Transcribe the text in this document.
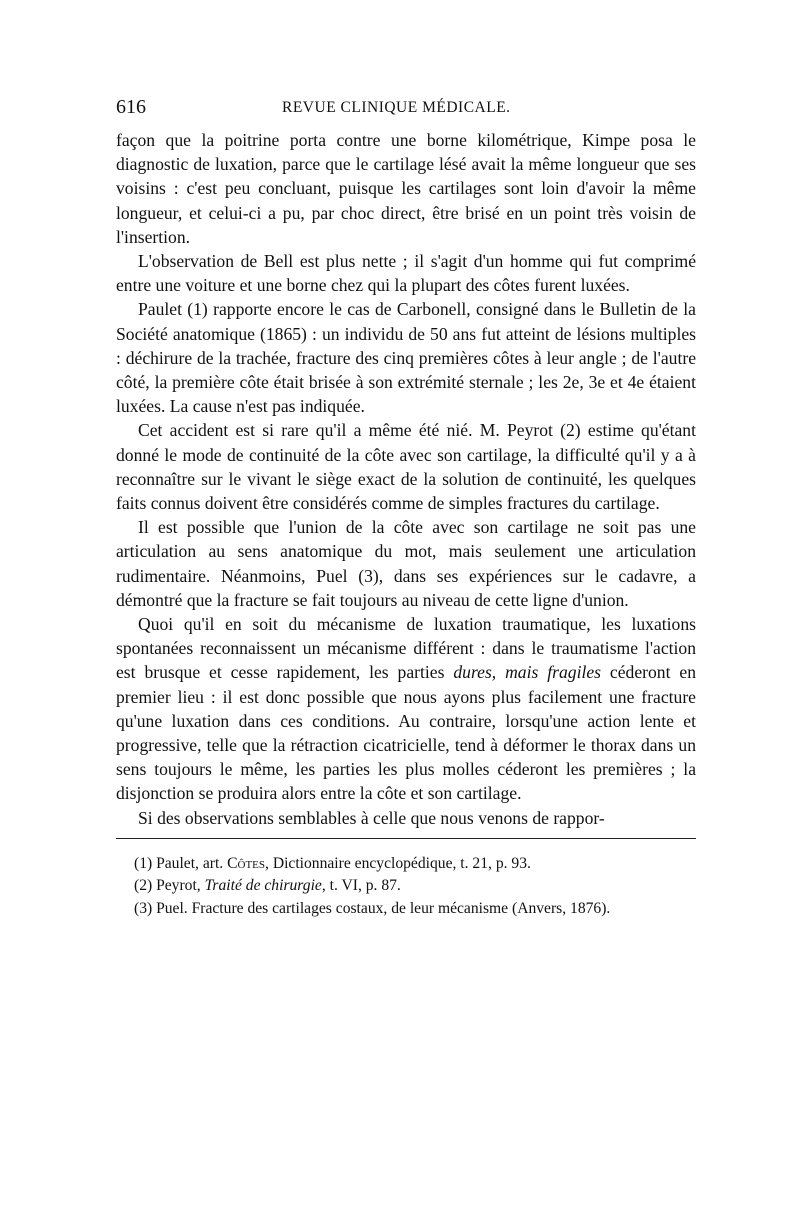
616	REVUE CLINIQUE MÉDICALE.

façon que la poitrine porta contre une borne kilométrique, Kimpe posa le diagnostic de luxation, parce que le cartilage lésé avait la même longueur que ses voisins : c'est peu concluant, puisque les cartilages sont loin d'avoir la même longueur, et celui-ci a pu, par choc direct, être brisé en un point très voisin de l'insertion.

L'observation de Bell est plus nette ; il s'agit d'un homme qui fut comprimé entre une voiture et une borne chez qui la plupart des côtes furent luxées.

Paulet (1) rapporte encore le cas de Carbonell, consigné dans le Bulletin de la Société anatomique (1865) : un individu de 50 ans fut atteint de lésions multiples : déchirure de la trachée, fracture des cinq premières côtes à leur angle ; de l'autre côté, la première côte était brisée à son extrémité sternale ; les 2e, 3e et 4e étaient luxées. La cause n'est pas indiquée.

Cet accident est si rare qu'il a même été nié. M. Peyrot (2) estime qu'étant donné le mode de continuité de la côte avec son cartilage, la difficulté qu'il y a à reconnaître sur le vivant le siège exact de la solution de continuité, les quelques faits connus doivent être considérés comme de simples fractures du cartilage.

Il est possible que l'union de la côte avec son cartilage ne soit pas une articulation au sens anatomique du mot, mais seulement une articulation rudimentaire. Néanmoins, Puel (3), dans ses expériences sur le cadavre, a démontré que la fracture se fait toujours au niveau de cette ligne d'union.

Quoi qu'il en soit du mécanisme de luxation traumatique, les luxations spontanées reconnaissent un mécanisme différent : dans le traumatisme l'action est brusque et cesse rapidement, les parties dures, mais fragiles céderont en premier lieu : il est donc possible que nous ayons plus facilement une fracture qu'une luxation dans ces conditions. Au contraire, lorsqu'une action lente et progressive, telle que la rétraction cicatricielle, tend à déformer le thorax dans un sens toujours le même, les parties les plus molles céderont les premières ; la disjonction se produira alors entre la côte et son cartilage.

Si des observations semblables à celle que nous venons de rappor-

(1) Paulet, art. Côtes, Dictionnaire encyclopédique, t. 21, p. 93.

(2) Peyrot, Traité de chirurgie, t. VI, p. 87.

(3) Puel. Fracture des cartilages costaux, de leur mécanisme (Anvers, 1876).
